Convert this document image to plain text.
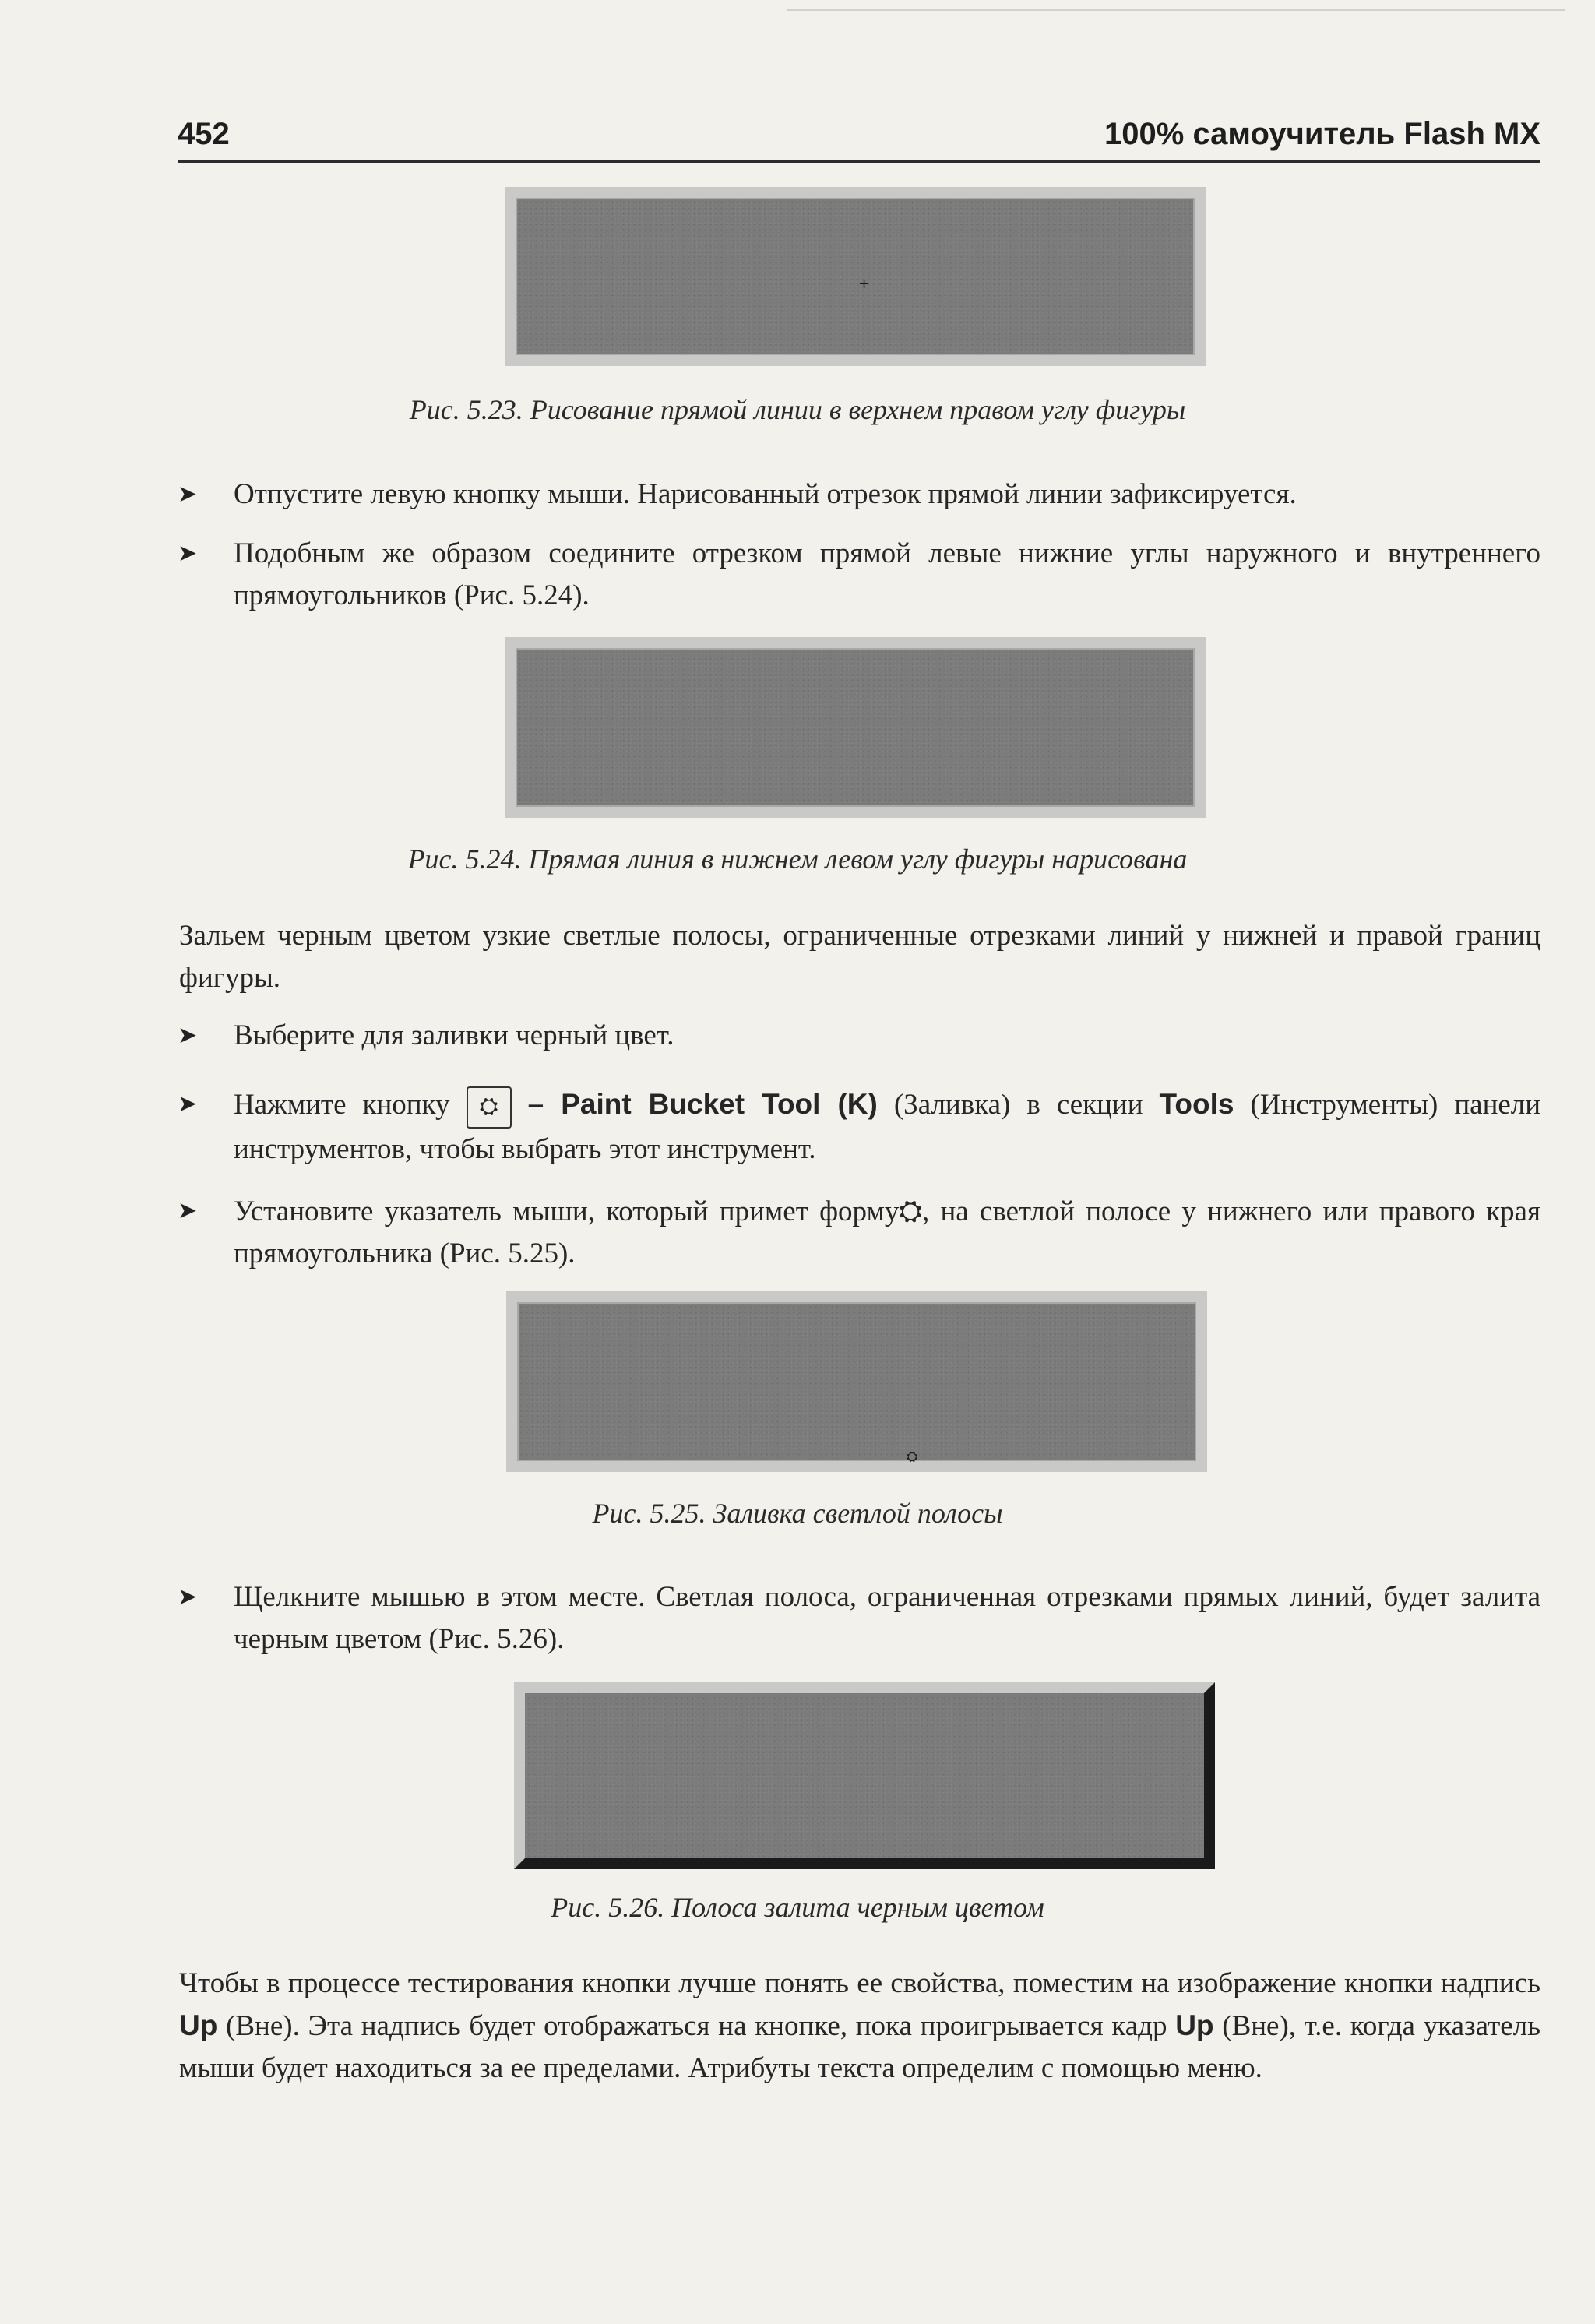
452	100% самоучитель Flash MX
+
Рис. 5.23. Рисование прямой линии в верхнем правом углу фигуры
➤ Отпустите левую кнопку мыши. Нарисованный отрезок прямой линии зафиксируется.
➤ Подобным же образом соедините отрезком прямой левые нижние углы наружного и внутреннего прямоугольников (Рис. 5.24).
Рис. 5.24. Прямая линия в нижнем левом углу фигуры нарисована
Зальем черным цветом узкие светлые полосы, ограниченные отрезками линий у нижней и правой границ фигуры.
➤ Выберите для заливки черный цвет.
➤ Нажмите кнопку ⛭ – Paint Bucket Tool (K) (Заливка) в секции Tools (Инструменты) панели инструментов, чтобы выбрать этот инструмент.
➤ Установите указатель мыши, который примет форму⛭, на светлой полосе у нижнего или правого края прямоугольника (Рис. 5.25).
⛭
Рис. 5.25. Заливка светлой полосы
➤ Щелкните мышью в этом месте. Светлая полоса, ограниченная отрезками прямых линий, будет залита черным цветом (Рис. 5.26).
Рис. 5.26. Полоса залита черным цветом
Чтобы в процессе тестирования кнопки лучше понять ее свойства, поместим на изображение кнопки надпись Up (Вне). Эта надпись будет отображаться на кнопке, пока проигрывается кадр Up (Вне), т.е. когда указатель мыши будет находиться за ее пределами. Атрибуты текста определим с помощью меню.
